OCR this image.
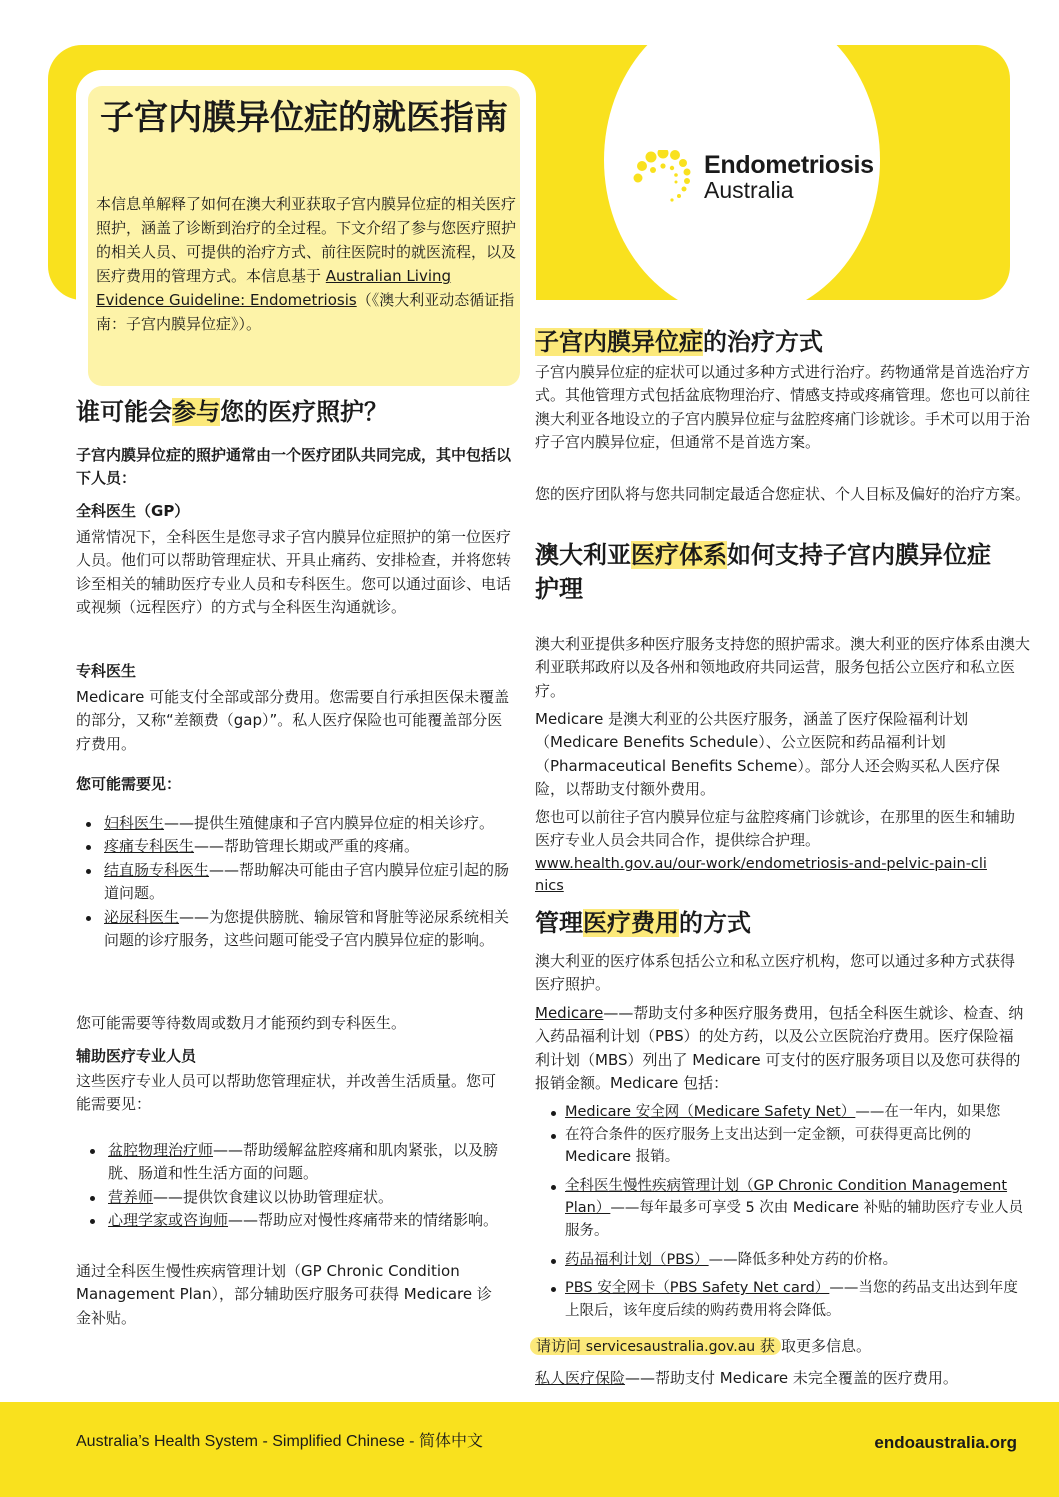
Endometriosis
Australia
子宫内膜异位症的就医指南

本信息单解释了如何在澳大利亚获取子宫内膜异位症的相关医疗照护，涵盖了诊断到治疗的全过程。下文介绍了参与您医疗照护的相关人员、可提供的治疗方式、前往医院时的就医流程，以及医疗费用的管理方式。本信息基于 Australian Living Evidence Guideline: Endometriosis（《澳大利亚动态循证指南：子宫内膜异位症》）。

谁可能会参与您的医疗照护？

子宫内膜异位症的照护通常由一个医疗团队共同完成，其中包括以下人员：

全科医生（GP）

通常情况下，全科医生是您寻求子宫内膜异位症照护的第一位医疗人员。他们可以帮助管理症状、开具止痛药、安排检查，并将您转诊至相关的辅助医疗专业人员和专科医生。您可以通过面诊、电话或视频（远程医疗）的方式与全科医生沟通就诊。

专科医生

Medicare 可能支付全部或部分费用。您需要自行承担医保未覆盖的部分，又称“差额费（gap）”。私人医疗保险也可能覆盖部分医疗费用。

您可能需要见：
妇科医生——提供生殖健康和子宫内膜异位症的相关诊疗。
疼痛专科医生——帮助管理长期或严重的疼痛。
结直肠专科医生——帮助解决可能由子宫内膜异位症引起的肠道问题。
泌尿科医生——为您提供膀胱、输尿管和肾脏等泌尿系统相关问题的诊疗服务，这些问题可能受子宫内膜异位症的影响。

您可能需要等待数周或数月才能预约到专科医生。

辅助医疗专业人员

这些医疗专业人员可以帮助您管理症状，并改善生活质量。您可能需要见：

盆腔物理治疗师——帮助缓解盆腔疼痛和肌肉紧张，以及膀胱、肠道和性生活方面的问题。
营养师——提供饮食建议以协助管理症状。
心理学家或咨询师——帮助应对慢性疼痛带来的情绪影响。

通过全科医生慢性疾病管理计划（GP Chronic Condition Management Plan），部分辅助医疗服务可获得 Medicare 诊金补贴。

子宫内膜异位症的治疗方式

子宫内膜异位症的症状可以通过多种方式进行治疗。药物通常是首选治疗方式。其他管理方式包括盆底物理治疗、情感支持或疼痛管理。您也可以前往澳大利亚各地设立的子宫内膜异位症与盆腔疼痛门诊就诊。手术可以用于治疗子宫内膜异位症，但通常不是首选方案。

您的医疗团队将与您共同制定最适合您症状、个人目标及偏好的治疗方案。

澳大利亚医疗体系如何支持子宫内膜异位症护理

澳大利亚提供多种医疗服务支持您的照护需求。澳大利亚的医疗体系由澳大利亚联邦政府以及各州和领地政府共同运营，服务包括公立医疗和私立医疗。

Medicare 是澳大利亚的公共医疗服务，涵盖了医疗保险福利计划（Medicare Benefits Schedule）、公立医院和药品福利计划（Pharmaceutical Benefits Scheme）。部分人还会购买私人医疗保险，以帮助支付额外费用。

您也可以前往子宫内膜异位症与盆腔疼痛门诊就诊，在那里的医生和辅助医疗专业人员会共同合作，提供综合护理。

www.health.gov.au/our-work/endometriosis-and-pelvic-pain-clinics
管理医疗费用的方式

澳大利亚的医疗体系包括公立和私立医疗机构，您可以通过多种方式获得医疗照护。

Medicare——帮助支付多种医疗服务费用，包括全科医生就诊、检查、纳入药品福利计划（PBS）的处方药，以及公立医院治疗费用。医疗保险福利计划（MBS）列出了 Medicare 可支付的医疗服务项目以及您可获得的报销金额。Medicare 包括：

Medicare 安全网（Medicare Safety Net）——在一年内，如果您
在符合条件的医疗服务上支出达到一定金额，可获得更高比例的 Medicare 报销。
全科医生慢性疾病管理计划（GP Chronic Condition Management Plan）——每年最多可享受 5 次由 Medicare 补贴的辅助医疗专业人员服务。
药品福利计划（PBS）——降低多种处方药的价格。
PBS 安全网卡（PBS Safety Net card）——当您的药品支出达到年度上限后，该年度后续的购药费用将会降低。

请访问 servicesaustralia.gov.au 获 取更多信息。

私人医疗保险——帮助支付 Medicare 未完全覆盖的医疗费用。

Australia’s Health System - Simplified Chinese - 简体中文	endoaustralia.org
